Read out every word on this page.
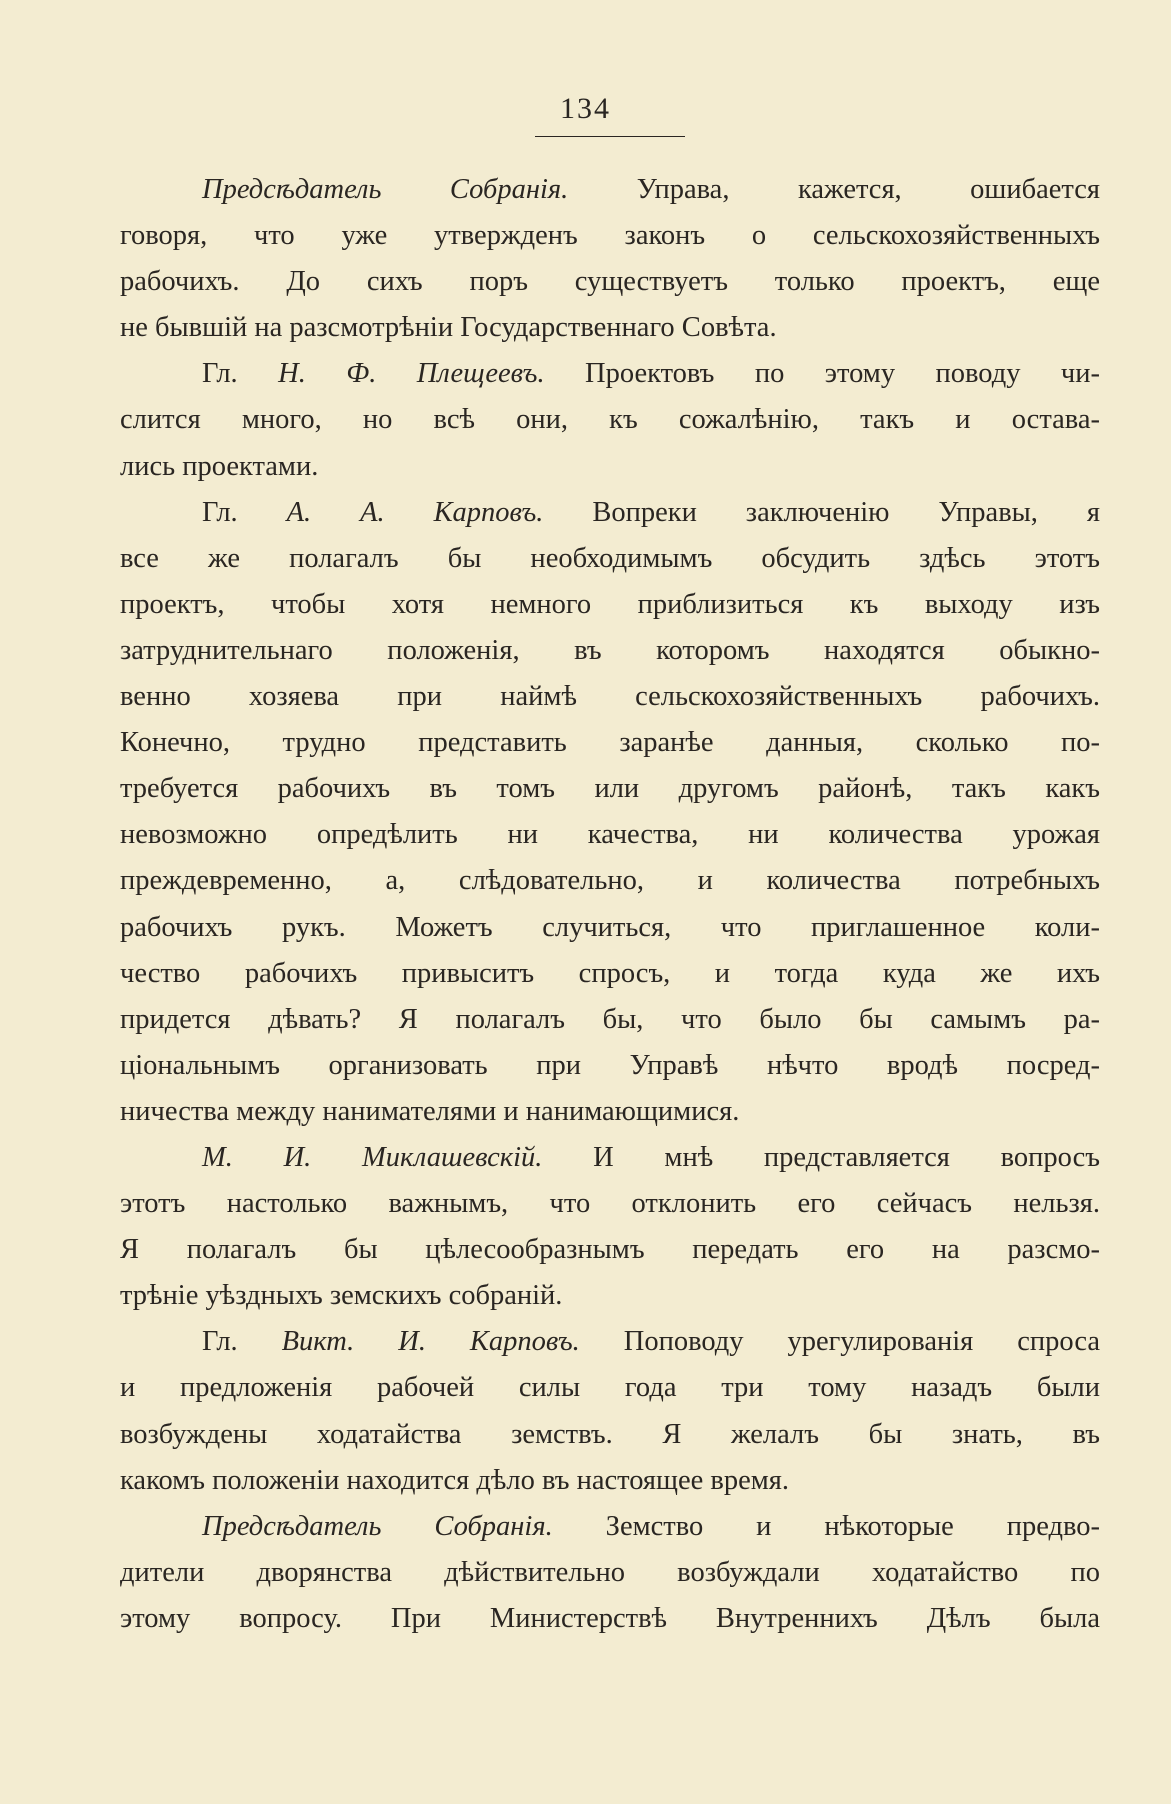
134
Предсѣдатель Собранія. Управа, кажется, ошибается
говоря, что уже утвержденъ законъ о сельскохозяйственныхъ
рабочихъ. До сихъ поръ существуетъ только проектъ, еще
не бывшій на разсмотрѣніи Государственнаго Совѣта.
Гл. Н. Ф. Плещеевъ. Проектовъ по этому поводу чи-
слится много, но всѣ они, къ сожалѣнію, такъ и остава-
лись проектами.
Гл. А. А. Карповъ. Вопреки заключенію Управы, я
все же полагалъ бы необходимымъ обсудить здѣсь этотъ
проектъ, чтобы хотя немного приблизиться къ выходу изъ
затруднительнаго положенія, въ которомъ находятся обыкно-
венно хозяева при наймѣ сельскохозяйственныхъ рабочихъ.
Конечно, трудно представить заранѣе данныя, сколько по-
требуется рабочихъ въ томъ или другомъ районѣ, такъ какъ
невозможно опредѣлить ни качества, ни количества урожая
преждевременно, а, слѣдовательно, и количества потребныхъ
рабочихъ рукъ. Можетъ случиться, что приглашенное коли-
чество рабочихъ привыситъ спросъ, и тогда куда же ихъ
придется дѣвать? Я полагалъ бы, что было бы самымъ ра-
ціональнымъ организовать при Управѣ нѣчто вродѣ посред-
ничества между нанимателями и нанимающимися.
М. И. Миклашевскій. И мнѣ представляется вопросъ
этотъ настолько важнымъ, что отклонить его сейчасъ нельзя.
Я полагалъ бы цѣлесообразнымъ передать его на разсмо-
трѣніе уѣздныхъ земскихъ собраній.
Гл. Викт. И. Карповъ. Поповоду урегулированія спроса
и предложенія рабочей силы года три тому назадъ были
возбуждены ходатайства земствъ. Я желалъ бы знать, въ
какомъ положеніи находится дѣло въ настоящее время.
Предсѣдатель Собранія. Земство и нѣкоторые предво-
дители дворянства дѣйствительно возбуждали ходатайство по
этому вопросу. При Министерствѣ Внутреннихъ Дѣлъ была
